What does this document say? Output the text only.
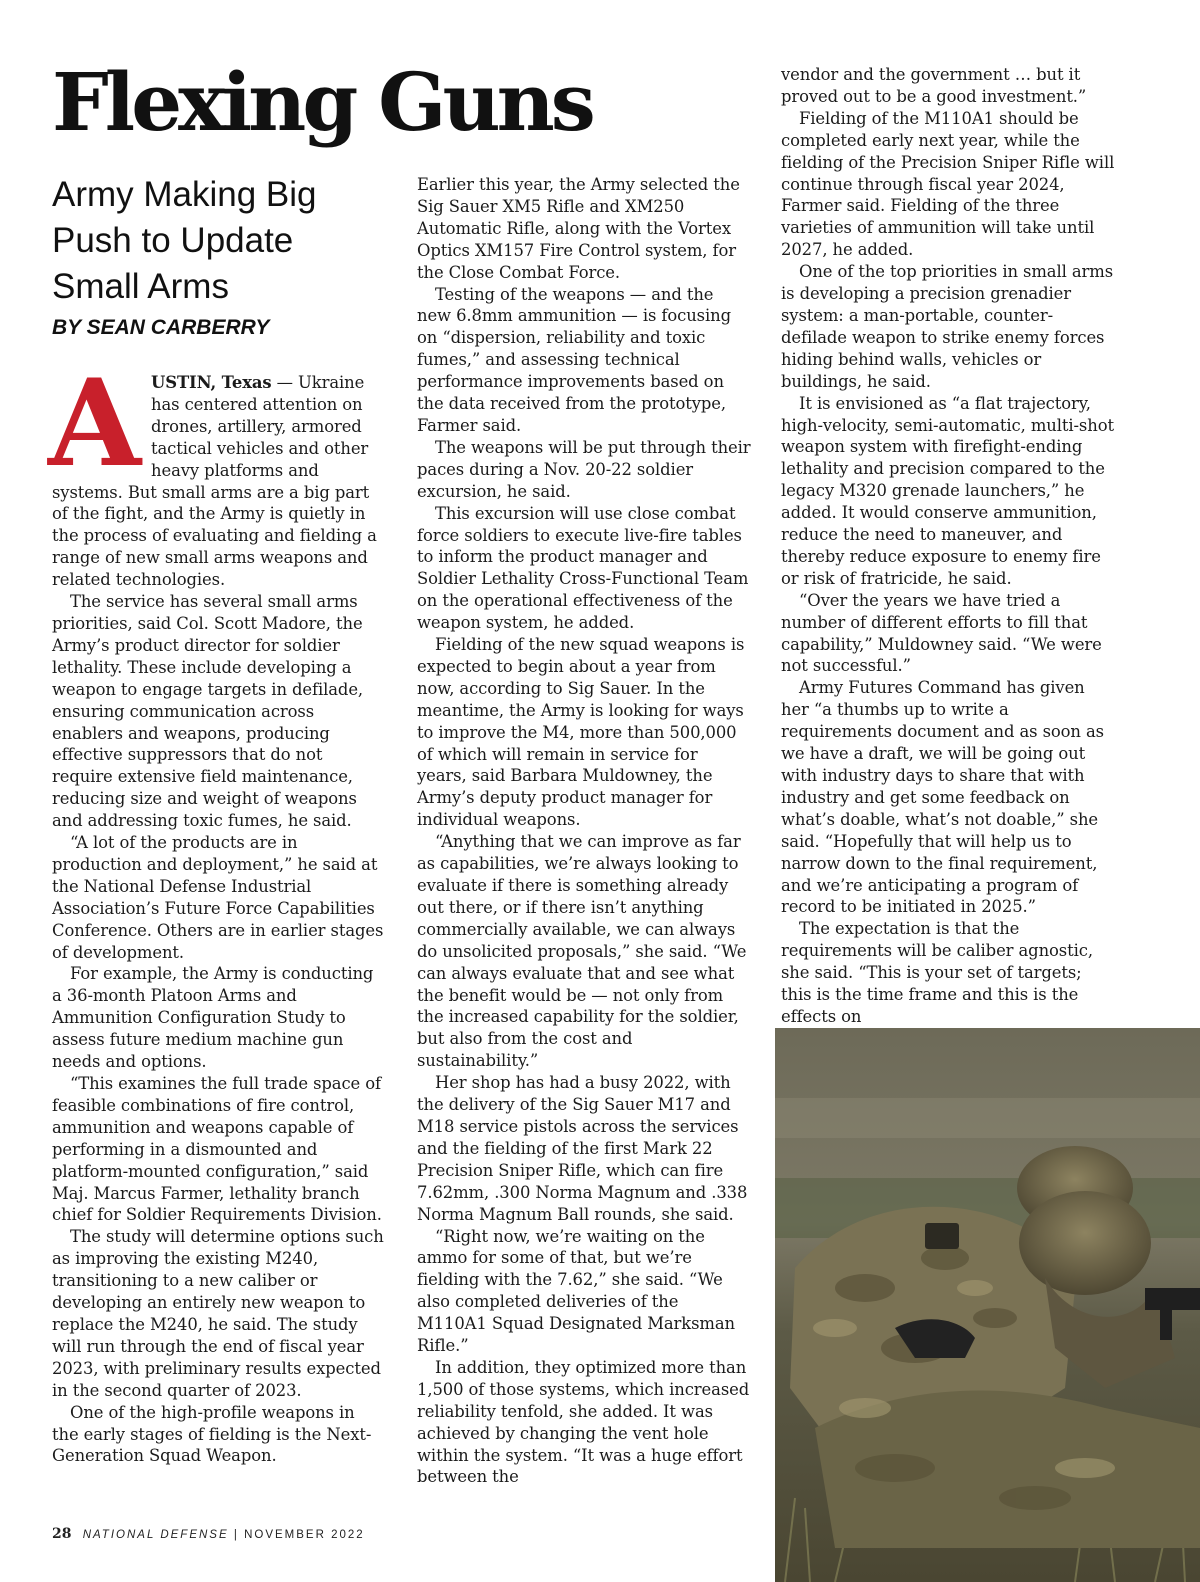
Flexing Guns
Army Making Big Push to Update Small Arms

BY SEAN CARBERRY

AUSTIN, Texas — Ukraine has centered attention on drones, artillery, armored tactical vehicles and other heavy platforms and systems. But small arms are a big part of the fight, and the Army is quietly in the process of evaluating and fielding a range of new small arms weapons and related technologies.

The service has several small arms priorities, said Col. Scott Madore, the Army’s product director for soldier lethality. These include developing a weapon to engage targets in defilade, ensuring communication across enablers and weapons, producing effective suppressors that do not require extensive field maintenance, reducing size and weight of weapons and addressing toxic fumes, he said.

“A lot of the products are in production and deployment,” he said at the National Defense Industrial Association’s Future Force Capabilities Conference. Others are in earlier stages of development.

For example, the Army is conducting a 36-month Platoon Arms and Ammunition Configuration Study to assess future medium machine gun needs and options.

“This examines the full trade space of feasible combinations of fire control, ammunition and weapons capable of performing in a dismounted and platform-mounted configuration,” said Maj. Marcus Farmer, lethality branch chief for Soldier Requirements Division.

The study will determine options such as improving the existing M240, transitioning to a new caliber or developing an entirely new weapon to replace the M240, he said. The study will run through the end of fiscal year 2023, with preliminary results expected in the second quarter of 2023.

One of the high-profile weapons in the early stages of fielding is the Next-Generation Squad Weapon.

Earlier this year, the Army selected the Sig Sauer XM5 Rifle and XM250 Automatic Rifle, along with the Vortex Optics XM157 Fire Control system, for the Close Combat Force.

Testing of the weapons — and the new 6.8mm ammunition — is focusing on “dispersion, reliability and toxic fumes,” and assessing technical performance improvements based on the data received from the prototype, Farmer said.

The weapons will be put through their paces during a Nov. 20-22 soldier excursion, he said.

This excursion will use close combat force soldiers to execute live-fire tables to inform the product manager and Soldier Lethality Cross-Functional Team on the operational effectiveness of the weapon system, he added.

Fielding of the new squad weapons is expected to begin about a year from now, according to Sig Sauer. In the meantime, the Army is looking for ways to improve the M4, more than 500,000 of which will remain in service for years, said Barbara Muldowney, the Army’s deputy product manager for individual weapons.

“Anything that we can improve as far as capabilities, we’re always looking to evaluate if there is something already out there, or if there isn’t anything commercially available, we can always do unsolicited proposals,” she said. “We can always evaluate that and see what the benefit would be — not only from the increased capability for the soldier, but also from the cost and sustainability.”

Her shop has had a busy 2022, with the delivery of the Sig Sauer M17 and M18 service pistols across the services and the fielding of the first Mark 22 Precision Sniper Rifle, which can fire 7.62mm, .300 Norma Magnum and .338 Norma Magnum Ball rounds, she said.

“Right now, we’re waiting on the ammo for some of that, but we’re fielding with the 7.62,” she said. “We also completed deliveries of the M110A1 Squad Designated Marksman Rifle.”

In addition, they optimized more than 1,500 of those systems, which increased reliability tenfold, she added. It was achieved by changing the vent hole within the system. “It was a huge effort between the

vendor and the government … but it proved out to be a good investment.”

Fielding of the M110A1 should be completed early next year, while the fielding of the Precision Sniper Rifle will continue through fiscal year 2024, Farmer said. Fielding of the three varieties of ammunition will take until 2027, he added.

One of the top priorities in small arms is developing a precision grenadier system: a man-portable, counter-defilade weapon to strike enemy forces hiding behind walls, vehicles or buildings, he said.

It is envisioned as “a flat trajectory, high-velocity, semi-automatic, multi-shot weapon system with firefight-ending lethality and precision compared to the legacy M320 grenade launchers,” he added. It would conserve ammunition, reduce the need to maneuver, and thereby reduce exposure to enemy fire or risk of fratricide, he said.

“Over the years we have tried a number of different efforts to fill that capability,” Muldowney said. “We were not successful.”

Army Futures Command has given her “a thumbs up to write a requirements document and as soon as we have a draft, we will be going out with industry days to share that with industry and get some feedback on what’s doable, what’s not doable,” she said. “Hopefully that will help us to narrow down to the final requirement, and we’re anticipating a program of record to be initiated in 2025.”

The expectation is that the requirements will be caliber agnostic, she said. “This is your set of targets; this is the time frame and this is the effects on

28 NATIONAL DEFENSE | NOVEMBER 2022
